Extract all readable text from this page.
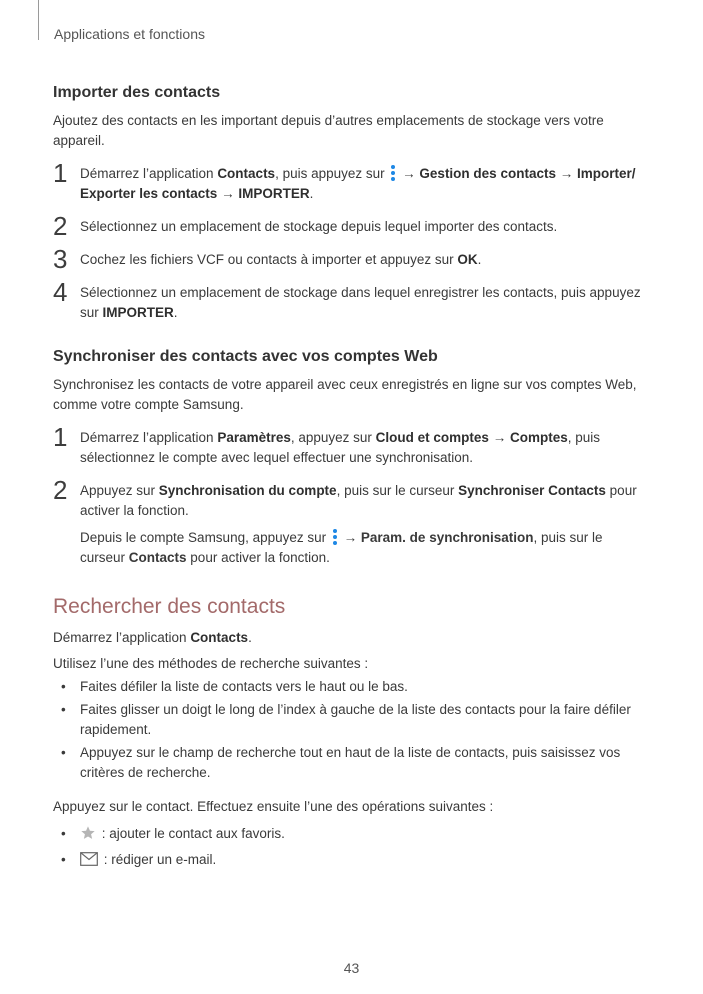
Applications et fonctions
Importer des contacts

Ajoutez des contacts en les important depuis d’autres emplacements de stockage vers votre appareil.

1 Démarrez l’application Contacts, puis appuyez sur  → Gestion des contacts → Importer/ Exporter les contacts → IMPORTER.
2 Sélectionnez un emplacement de stockage depuis lequel importer des contacts.
3 Cochez les fichiers VCF ou contacts à importer et appuyez sur OK.
4 Sélectionnez un emplacement de stockage dans lequel enregistrer les contacts, puis appuyez sur IMPORTER.
Synchroniser des contacts avec vos comptes Web

Synchronisez les contacts de votre appareil avec ceux enregistrés en ligne sur vos comptes Web, comme votre compte Samsung.

1 Démarrez l’application Paramètres, appuyez sur Cloud et comptes → Comptes, puis sélectionnez le compte avec lequel effectuer une synchronisation.
2 Appuyez sur Synchronisation du compte, puis sur le curseur Synchroniser Contacts pour activer la fonction.
Depuis le compte Samsung, appuyez sur  → Param. de synchronisation, puis sur le curseur Contacts pour activer la fonction.
Rechercher des contacts

Démarrez l’application Contacts.

Utilisez l’une des méthodes de recherche suivantes :

• Faites défiler la liste de contacts vers le haut ou le bas.
• Faites glisser un doigt le long de l’index à gauche de la liste des contacts pour la faire défiler rapidement.
• Appuyez sur le champ de recherche tout en haut de la liste de contacts, puis saisissez vos critères de recherche.

Appuyez sur le contact. Effectuez ensuite l’une des opérations suivantes :

• : ajouter le contact aux favoris.
•	: rédiger un e-mail.
43
